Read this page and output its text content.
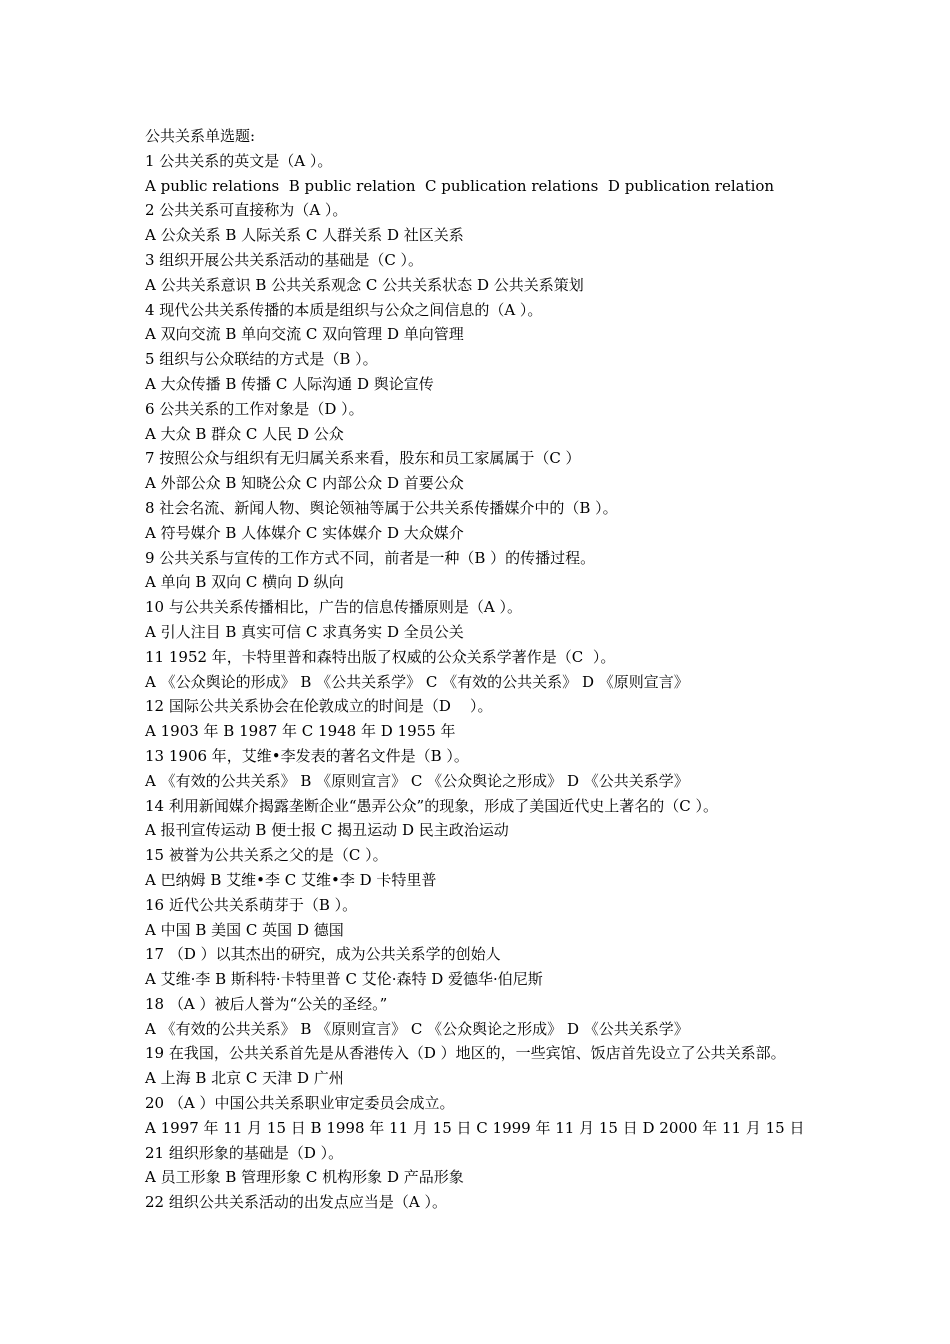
公共关系单选题:
1 公共关系的英文是（A ）。
A public relations  B public relation  C publication relations  D publication relation
2 公共关系可直接称为（A ）。
A 公众关系 B 人际关系 C 人群关系 D 社区关系
3 组织开展公共关系活动的基础是（C ）。
A 公共关系意识 B 公共关系观念 C 公共关系状态 D 公共关系策划
4 现代公共关系传播的本质是组织与公众之间信息的（A ）。
A 双向交流 B 单向交流 C 双向管理 D 单向管理
5 组织与公众联结的方式是（B ）。
A 大众传播 B 传播 C 人际沟通 D 舆论宣传
6 公共关系的工作对象是（D ）。
A 大众 B 群众 C 人民 D 公众
7 按照公众与组织有无归属关系来看，股东和员工家属属于（C ）
A 外部公众 B 知晓公众 C 内部公众 D 首要公众
8 社会名流、新闻人物、舆论领袖等属于公共关系传播媒介中的（B ）。
A 符号媒介 B 人体媒介 C 实体媒介 D 大众媒介
9 公共关系与宣传的工作方式不同，前者是一种（B ）的传播过程。
A 单向 B 双向 C 横向 D 纵向
10 与公共关系传播相比，广告的信息传播原则是（A ）。
A 引人注目 B 真实可信 C 求真务实 D 全员公关
11 1952 年，卡特里普和森特出版了权威的公众关系学著作是（C  ）。
A 《公众舆论的形成》 B 《公共关系学》 C 《有效的公共关系》 D 《原则宣言》
12 国际公共关系协会在伦敦成立的时间是（D    ）。
A 1903 年 B 1987 年 C 1948 年 D 1955 年
13 1906 年，艾维•李发表的著名文件是（B ）。
A 《有效的公共关系》 B 《原则宣言》 C 《公众舆论之形成》 D 《公共关系学》
14 利用新闻媒介揭露垄断企业“愚弄公众”的现象，形成了美国近代史上著名的（C ）。
A 报刊宣传运动 B 便士报 C 揭丑运动 D 民主政治运动
15 被誉为公共关系之父的是（C ）。
A 巴纳姆 B 艾维•李 C 艾维•李 D 卡特里普
16 近代公共关系萌芽于（B ）。
A 中国 B 美国 C 英国 D 德国
17 （D ）以其杰出的研究，成为公共关系学的创始人
A 艾维·李 B 斯科特·卡特里普 C 艾伦·森特 D 爱德华·伯尼斯
18 （A ）被后人誉为“公关的圣经。”
A 《有效的公共关系》 B 《原则宣言》 C 《公众舆论之形成》 D 《公共关系学》
19 在我国，公共关系首先是从香港传入（D ）地区的，一些宾馆、饭店首先设立了公共关系部。
A 上海 B 北京 C 天津 D 广州
20 （A ）中国公共关系职业审定委员会成立。
A 1997 年 11 月 15 日 B 1998 年 11 月 15 日 C 1999 年 11 月 15 日 D 2000 年 11 月 15 日
21 组织形象的基础是（D ）。
A 员工形象 B 管理形象 C 机构形象 D 产品形象
22 组织公共关系活动的出发点应当是（A ）。
